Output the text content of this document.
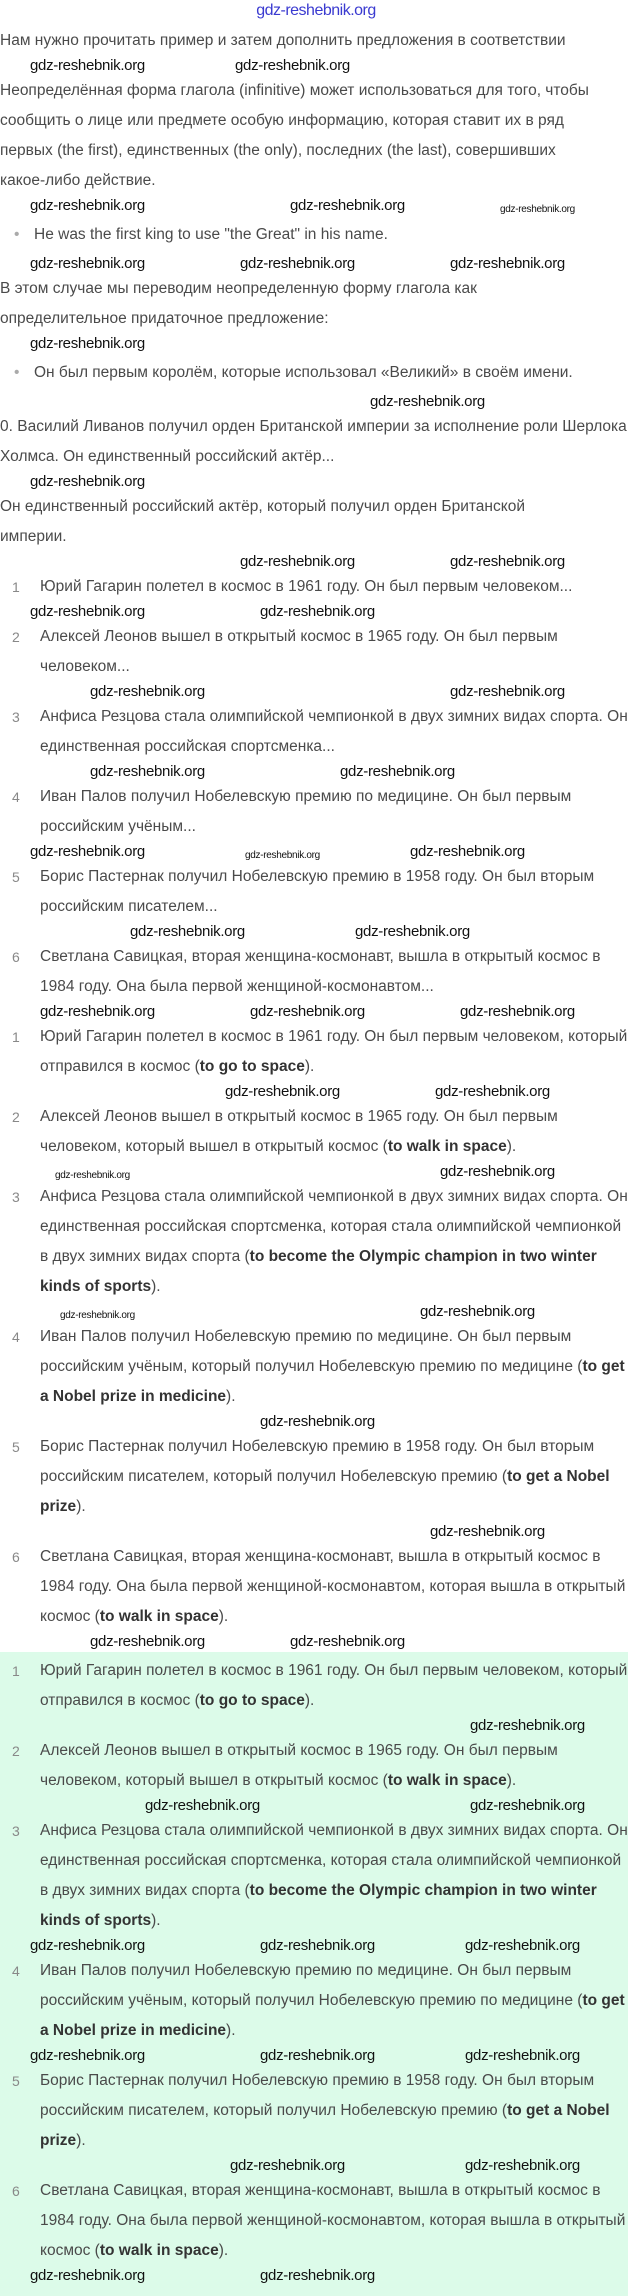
gdz-reshebnik.org

Нам нужно прочитать пример и затем дополнить предложения в соответствии

gdz-reshebnik.org	gdz-reshebnik.org

Неопределённая форма глагола (infinitive) может использоваться для того, чтобы сообщить о лице или предмете особую информацию, которая ставит их в ряд первых (the first), единственных (the only), последних (the last), совершивших какое-либо действие.

gdz-reshebnik.org	gdz-reshebnik.org	gdz-reshebnik.org
• He was the first king to use "the Great" in his name.
gdz-reshebnik.org	gdz-reshebnik.org	gdz-reshebnik.org

В этом случае мы переводим неопределенную форму глагола как определительное придаточное предложение:

gdz-reshebnik.org
• Он был первым королём, которые использовал «Великий» в своём имени.
gdz-reshebnik.org

0. Василий Ливанов получил орден Британской империи за исполнение роли Шерлока Холмса. Он единственный российский актёр...

gdz-reshebnik.org

Он единственный российский актёр, который получил орден Британской империи.

gdz-reshebnik.org	gdz-reshebnik.org
1	Юрий Гагарин полетел в космос в 1961 году. Он был первым человеком...
gdz-reshebnik.org	gdz-reshebnik.org
2	Алексей Леонов вышел в открытый космос в 1965 году. Он был первым человеком...
gdz-reshebnik.org	gdz-reshebnik.org
3	Анфиса Резцова стала олимпийской чемпионкой в двух зимних видах спорта. Он единственная российская спортсменка...
gdz-reshebnik.org	gdz-reshebnik.org
4	Иван Палов получил Нобелевскую премию по медицине. Он был первым российским учёным...
gdz-reshebnik.org	gdz-reshebnik.org	gdz-reshebnik.org
5	Борис Пастернак получил Нобелевскую премию в 1958 году. Он был вторым российским писателем...
gdz-reshebnik.org	gdz-reshebnik.org
6	Светлана Савицкая, вторая женщина-космонавт, вышла в открытый космос в 1984 году. Она была первой женщиной-космонавтом...
gdz-reshebnik.org	gdz-reshebnik.org	gdz-reshebnik.org
1	Юрий Гагарин полетел в космос в 1961 году. Он был первым человеком, который отправился в космос (to go to space).
gdz-reshebnik.org	gdz-reshebnik.org
2	Алексей Леонов вышел в открытый космос в 1965 году. Он был первым человеком, который вышел в открытый космос (to walk in space).
gdz-reshebnik.org	gdz-reshebnik.org
3	Анфиса Резцова стала олимпийской чемпионкой в двух зимних видах спорта. Он единственная российская спортсменка, которая стала олимпийской чемпионкой в двух зимних видах спорта (to become the Olympic champion in two winter kinds of sports).
gdz-reshebnik.org	gdz-reshebnik.org
4	Иван Палов получил Нобелевскую премию по медицине. Он был первым российским учёным, который получил Нобелевскую премию по медицине (to get a Nobel prize in medicine).
gdz-reshebnik.org
5	Борис Пастернак получил Нобелевскую премию в 1958 году. Он был вторым российским писателем, который получил Нобелевскую премию (to get a Nobel prize).
gdz-reshebnik.org
6	Светлана Савицкая, вторая женщина-космонавт, вышла в открытый космос в 1984 году. Она была первой женщиной-космонавтом, которая вышла в открытый космос (to walk in space).
gdz-reshebnik.org	gdz-reshebnik.org
1	Юрий Гагарин полетел в космос в 1961 году. Он был первым человеком, который отправился в космос (to go to space).
gdz-reshebnik.org
2	Алексей Леонов вышел в открытый космос в 1965 году. Он был первым человеком, который вышел в открытый космос (to walk in space).
gdz-reshebnik.org	gdz-reshebnik.org
3	Анфиса Резцова стала олимпийской чемпионкой в двух зимних видах спорта. Он единственная российская спортсменка, которая стала олимпийской чемпионкой в двух зимних видах спорта (to become the Olympic champion in two winter kinds of sports).
gdz-reshebnik.org	gdz-reshebnik.org	gdz-reshebnik.org
4	Иван Палов получил Нобелевскую премию по медицине. Он был первым российским учёным, который получил Нобелевскую премию по медицине (to get a Nobel prize in medicine).
gdz-reshebnik.org	gdz-reshebnik.org	gdz-reshebnik.org
5	Борис Пастернак получил Нобелевскую премию в 1958 году. Он был вторым российским писателем, который получил Нобелевскую премию (to get a Nobel prize).
gdz-reshebnik.org	gdz-reshebnik.org
6	Светлана Савицкая, вторая женщина-космонавт, вышла в открытый космос в 1984 году. Она была первой женщиной-космонавтом, которая вышла в открытый космос (to walk in space).
gdz-reshebnik.org	gdz-reshebnik.org
